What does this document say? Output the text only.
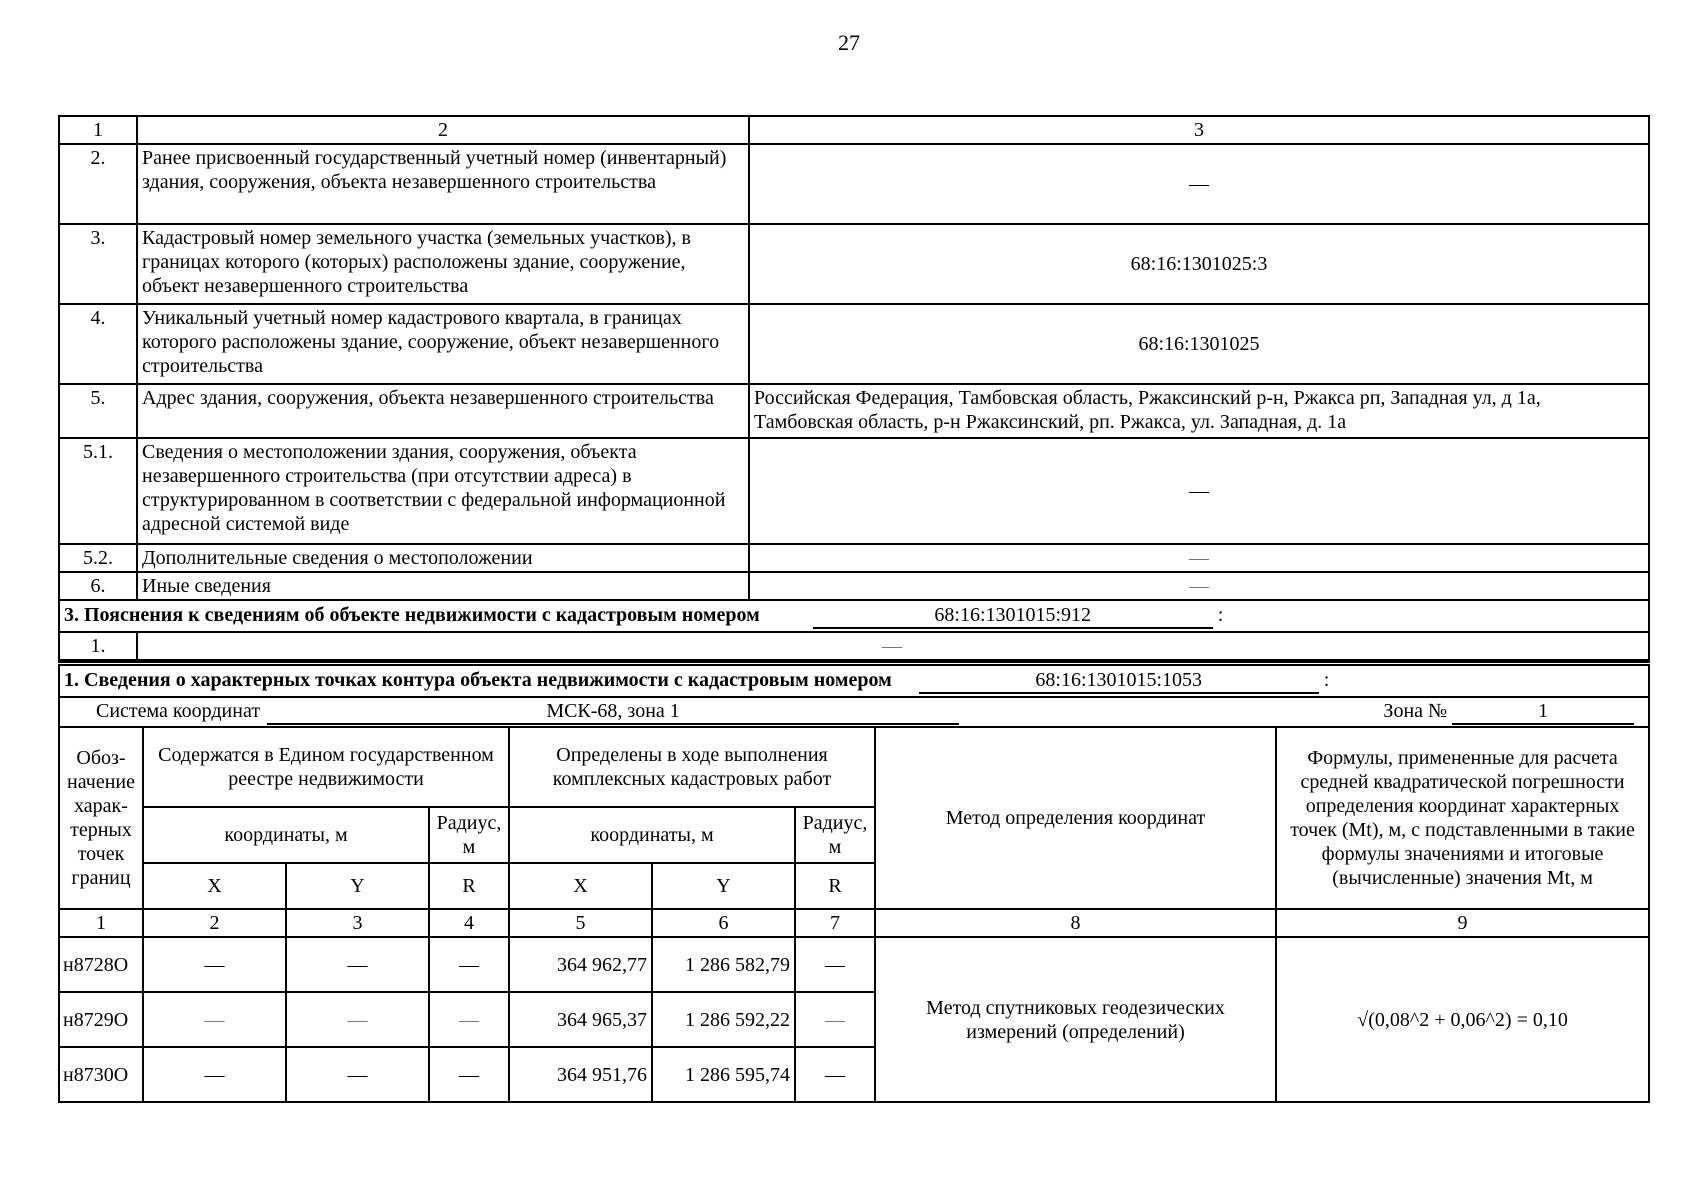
27
1	2	3
2.	Ранее присвоенный государственный учетный номер (инвентарный) здания, сооружения, объекта незавершенного строительства	—
3.	Кадастровый номер земельного участка (земельных участков), в границах которого (которых) расположены здание, сооружение, объект незавершенного строительства	68:16:1301025:3
4.	Уникальный учетный номер кадастрового квартала, в границах которого расположены здание, сооружение, объект незавершенного строительства	68:16:1301025
5.	Адрес здания, сооружения, объекта незавершенного строительства	Российская Федерация, Тамбовская область, Ржаксинский р-н, Ржакса рп, Западная ул, д 1а, Тамбовская область, р-н Ржаксинский, рп. Ржакса, ул. Западная, д. 1а
5.1.	Сведения о местоположении здания, сооружения, объекта незавершенного строительства (при отсутствии адреса) в структурированном в соответствии с федеральной информационной адресной системой виде	—
5.2.	Дополнительные сведения о местоположении	—
6.	Иные сведения	—
3. Пояснения к сведениям об объекте недвижимости с кадастровым номером 68:16:1301015:912 :		
1.	—	
1. Сведения о характерных точках контура объекта недвижимости с кадастровым номером 68:16:1301015:1053 :								
Система координат МСК-68, зона 1 Зона № 1								

Обоз-начение харак-терных точек границ	Содержатся в Едином государственном реестре недвижимости			Определены в ходе выполнения комплексных кадастровых работ			Метод определения координат	Формулы, примененные для расчета средней квадратической погрешности определения координат характерных точек (Mt), м, с подставленными в такие формулы значениями и итоговые (вычисленные) значения Mt, м
	координаты, м		Радиус, м	координаты, м		Радиус, м		
	X	Y	R	X	Y	R		
1	2	3	4	5	6	7	8	9
н8728О	—	—	—	364 962,77	1 286 582,79	—	Метод спутниковых геодезических измерений (определений)	√(0,08^2 + 0,06^2) = 0,10
н8729О	—	—	—	364 965,37	1 286 592,22	—		
н8730О	—	—	—	364 951,76	1 286 595,74	—		
